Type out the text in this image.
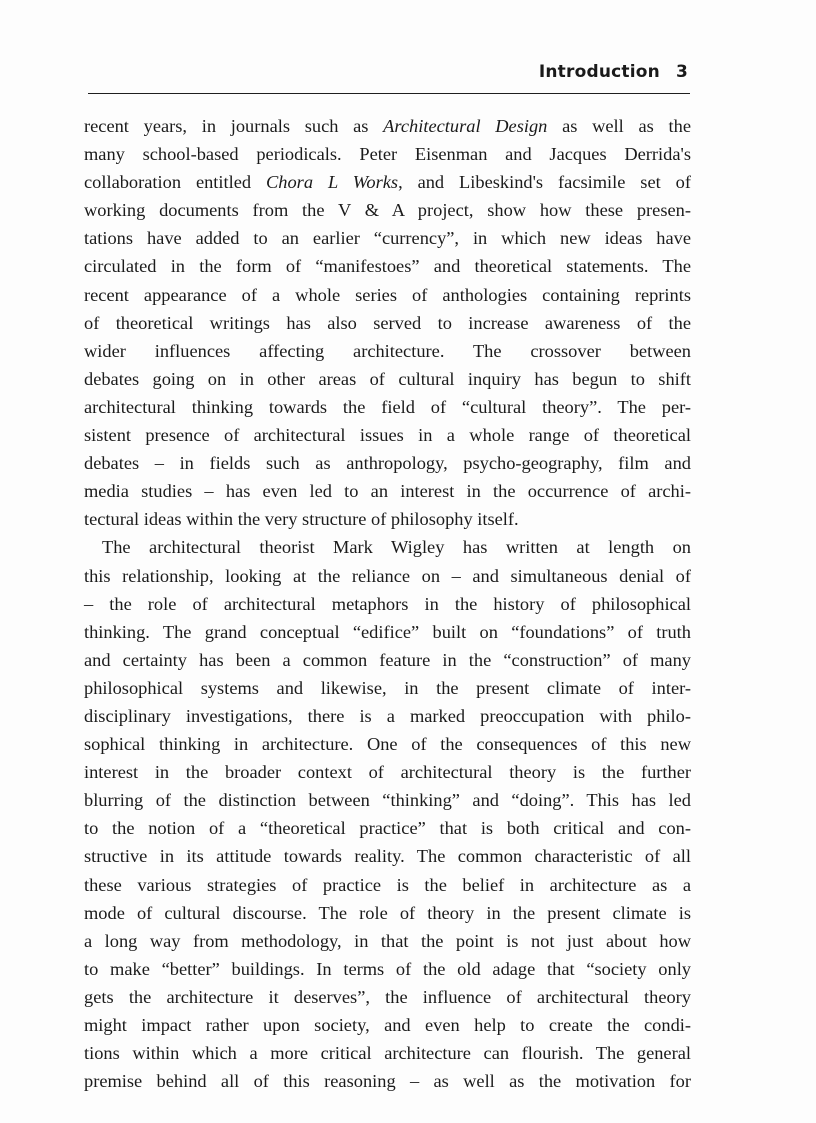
Introduction 3
recent years, in journals such as Architectural Design as well as the
many school-based periodicals. Peter Eisenman and Jacques Derrida's
collaboration entitled Chora L Works, and Libeskind's facsimile set of
working documents from the V & A project, show how these presen-
tations have added to an earlier “currency”, in which new ideas have
circulated in the form of “manifestoes” and theoretical statements. The
recent appearance of a whole series of anthologies containing reprints
of theoretical writings has also served to increase awareness of the
wider influences affecting architecture. The crossover between
debates going on in other areas of cultural inquiry has begun to shift
architectural thinking towards the field of “cultural theory”. The per-
sistent presence of architectural issues in a whole range of theoretical
debates – in fields such as anthropology, psycho-geography, film and
media studies – has even led to an interest in the occurrence of archi-
tectural ideas within the very structure of philosophy itself.
The architectural theorist Mark Wigley has written at length on
this relationship, looking at the reliance on – and simultaneous denial of
– the role of architectural metaphors in the history of philosophical
thinking. The grand conceptual “edifice” built on “foundations” of truth
and certainty has been a common feature in the “construction” of many
philosophical systems and likewise, in the present climate of inter-
disciplinary investigations, there is a marked preoccupation with philo-
sophical thinking in architecture. One of the consequences of this new
interest in the broader context of architectural theory is the further
blurring of the distinction between “thinking” and “doing”. This has led
to the notion of a “theoretical practice” that is both critical and con-
structive in its attitude towards reality. The common characteristic of all
these various strategies of practice is the belief in architecture as a
mode of cultural discourse. The role of theory in the present climate is
a long way from methodology, in that the point is not just about how
to make “better” buildings. In terms of the old adage that “society only
gets the architecture it deserves”, the influence of architectural theory
might impact rather upon society, and even help to create the condi-
tions within which a more critical architecture can flourish. The general
premise behind all of this reasoning – as well as the motivation for
